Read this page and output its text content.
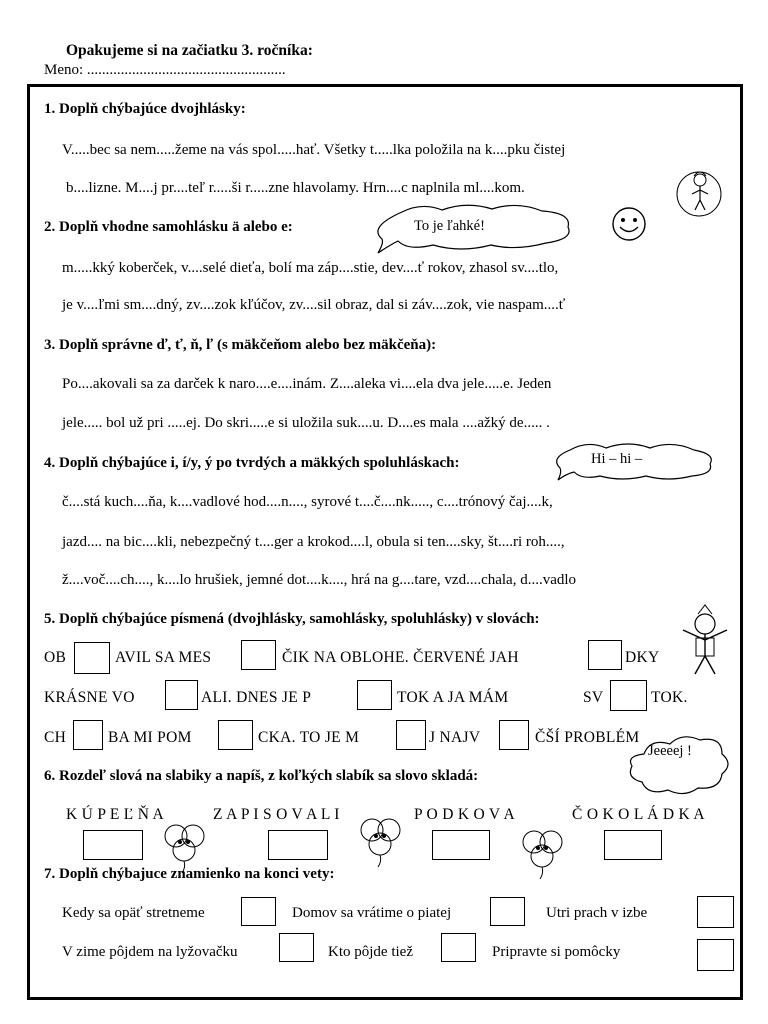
Opakujeme si na začiatku 3. ročníka:
Meno: .....................................................
1. Doplň chýbajúce dvojhlásky:
V.....bec sa nem.....žeme na vás spol.....hať. Všetky t.....lka položila na k....pku čistej
b....lizne. M....j pr....teľ r.....ši r.....zne hlavolamy. Hrn....c naplnila ml....kom.
2. Doplň vhodne samohlásku ä alebo e:	To je ľahké!
m.....kký koberček, v....selé dieťa, bolí ma záp....stie, dev....ť rokov, zhasol sv....tlo,
je v....ľmi sm....dný, zv....zok kľúčov, zv....sil obraz, dal si záv....zok, vie naspam....ť
3. Doplň správne ď, ť, ň, ľ (s mäkčeňom alebo bez mäkčeňa):
Po....akovali sa za darček k naro....e....inám. Z....aleka vi....ela dva jele.....e. Jeden
jele..... bol už pri .....ej. Do skri.....e si uložila suk....u. D....es mala ....ažký de..... .
4. Doplň chýbajúce i, í/y, ý po tvrdých a mäkkých spoluhláskach:	Hi – hi –
č....stá kuch....ňa, k....vadlové hod....n...., syrové t....č....nk....., c....trónový čaj....k,
jazd.... na bic....kli, nebezpečný t....ger a krokod....l, obula si ten....sky, št....ri roh....,
ž....voč....ch...., k....lo hrušiek, jemné dot....k...., hrá na g....tare, vzd....chala, d....vadlo
5. Doplň chýbajúce písmená (dvojhlásky, samohlásky, spoluhlásky) v slovách:
OB	AVIL SA MES	ČIK NA OBLOHE. ČERVENÉ JAH	DKY
KRÁSNE VO	ALI. DNES JE P	TOK A JA MÁM	SV	TOK.
CH	BA MI POM	CKA. TO JE M	J NAJV	ČŠÍ PROBLÉM
Jeeeej !
6. Rozdeľ slová na slabiky a napíš, z koľkých slabík sa slovo skladá:
K Ú P E Ľ Ň A	Z A P I S O V A L I	P O D K O V A	Č O K O L Á D K A
7. Doplň chýbajuce znamienko na konci vety:
Kedy sa opäť stretneme	Domov sa vrátime o piatej	Utri prach v izbe
V zime pôjdem na lyžovačku	Kto pôjde tiež	Pripravte si pomôcky
